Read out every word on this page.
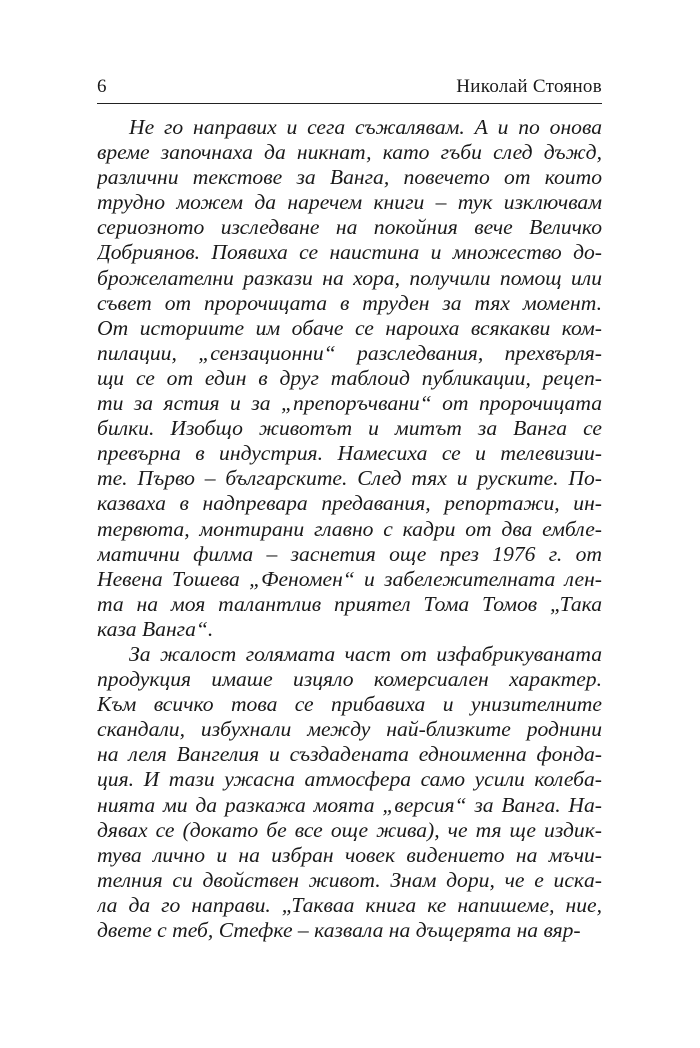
6	Николай Стоянов
Не го направих и сега съжалявам. А и по онова
време започнаха да никнат, като гъби след дъжд,
различни текстове за Ванга, повечето от които
трудно можем да наречем книги – тук изключвам
сериозното изследване на покойния вече Величко
Добриянов. Появиха се наистина и множество до-
брожелателни разкази на хора, получили помощ или
съвет от пророчицата в труден за тях момент.
От историите им обаче се нароиха всякакви ком-
пилации, „сензационни“ разследвания, прехвърля-
щи се от един в друг таблоид публикации, рецеп-
ти за ястия и за „препоръчвани“ от пророчицата
билки. Изобщо животът и митът за Ванга се
превърна в индустрия. Намесиха се и телевизии-
те. Първо – българските. След тях и руските. По-
казваха в надпревара предавания, репортажи, ин-
тервюта, монтирани главно с кадри от два ембле-
матични филма – заснетия още през 1976 г. от
Невена Тошева „Феномен“ и забележителната лен-
та на моя талантлив приятел Тома Томов „Така
каза Ванга“.
За жалост голямата част от изфабрикуваната
продукция имаше изцяло комерсиален характер.
Към всичко това се прибавиха и унизителните
скандали, избухнали между най-близките роднини
на леля Вангелия и създадената едноименна фонда-
ция. И тази ужасна атмосфера само усили колеба-
нията ми да разкажа моята „версия“ за Ванга. На-
дявах се (докато бе все още жива), че тя ще издик-
тува лично и на избран човек видението на мъчи-
телния си двойствен живот. Знам дори, че е искa-
ла да го направи. „Таквaa книга ке напишеме, ние,
двете с теб, Стефке – казвала на дъщерята на вяр-
